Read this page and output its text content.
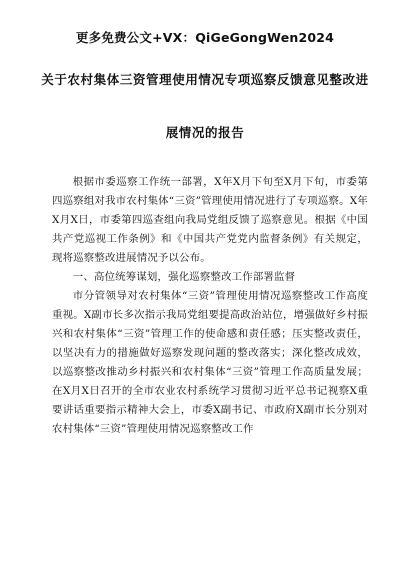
更多免费公文+VX：QiGeGongWen2024
关于农村集体三资管理使用情况专项巡察反馈意见整改进
展情况的报告

根据市委巡察工作统一部署，X年X月下旬至X月下旬，市委第四巡察组对我市农村集体“三资”管理使用情况进行了专项巡察。X年X月X日，市委第四巡查组向我局党组反馈了巡察意见。根据《中国共产党巡视工作条例》和《中国共产党党内监督条例》有关规定，现将巡察整改进展情况予以公布。

一、高位统筹谋划，强化巡察整改工作部署监督

市分管领导对农村集体“三资”管理使用情况巡察整改工作高度重视。X副市长多次指示我局党组要提高政治站位，增强做好乡村振兴和农村集体“三资”管理工作的使命感和责任感；压实整改责任，以坚决有力的措施做好巡察发现问题的整改落实；深化整改成效，以巡察整改推动乡村振兴和农村集体“三资”管理工作高质量发展；在X月X日召开的全市农业农村系统学习贯彻习近平总书记视察X重要讲话重要指示精神大会上，市委X副书记、市政府X副市长分别对农村集体“三资”管理使用情况巡察整改工作
